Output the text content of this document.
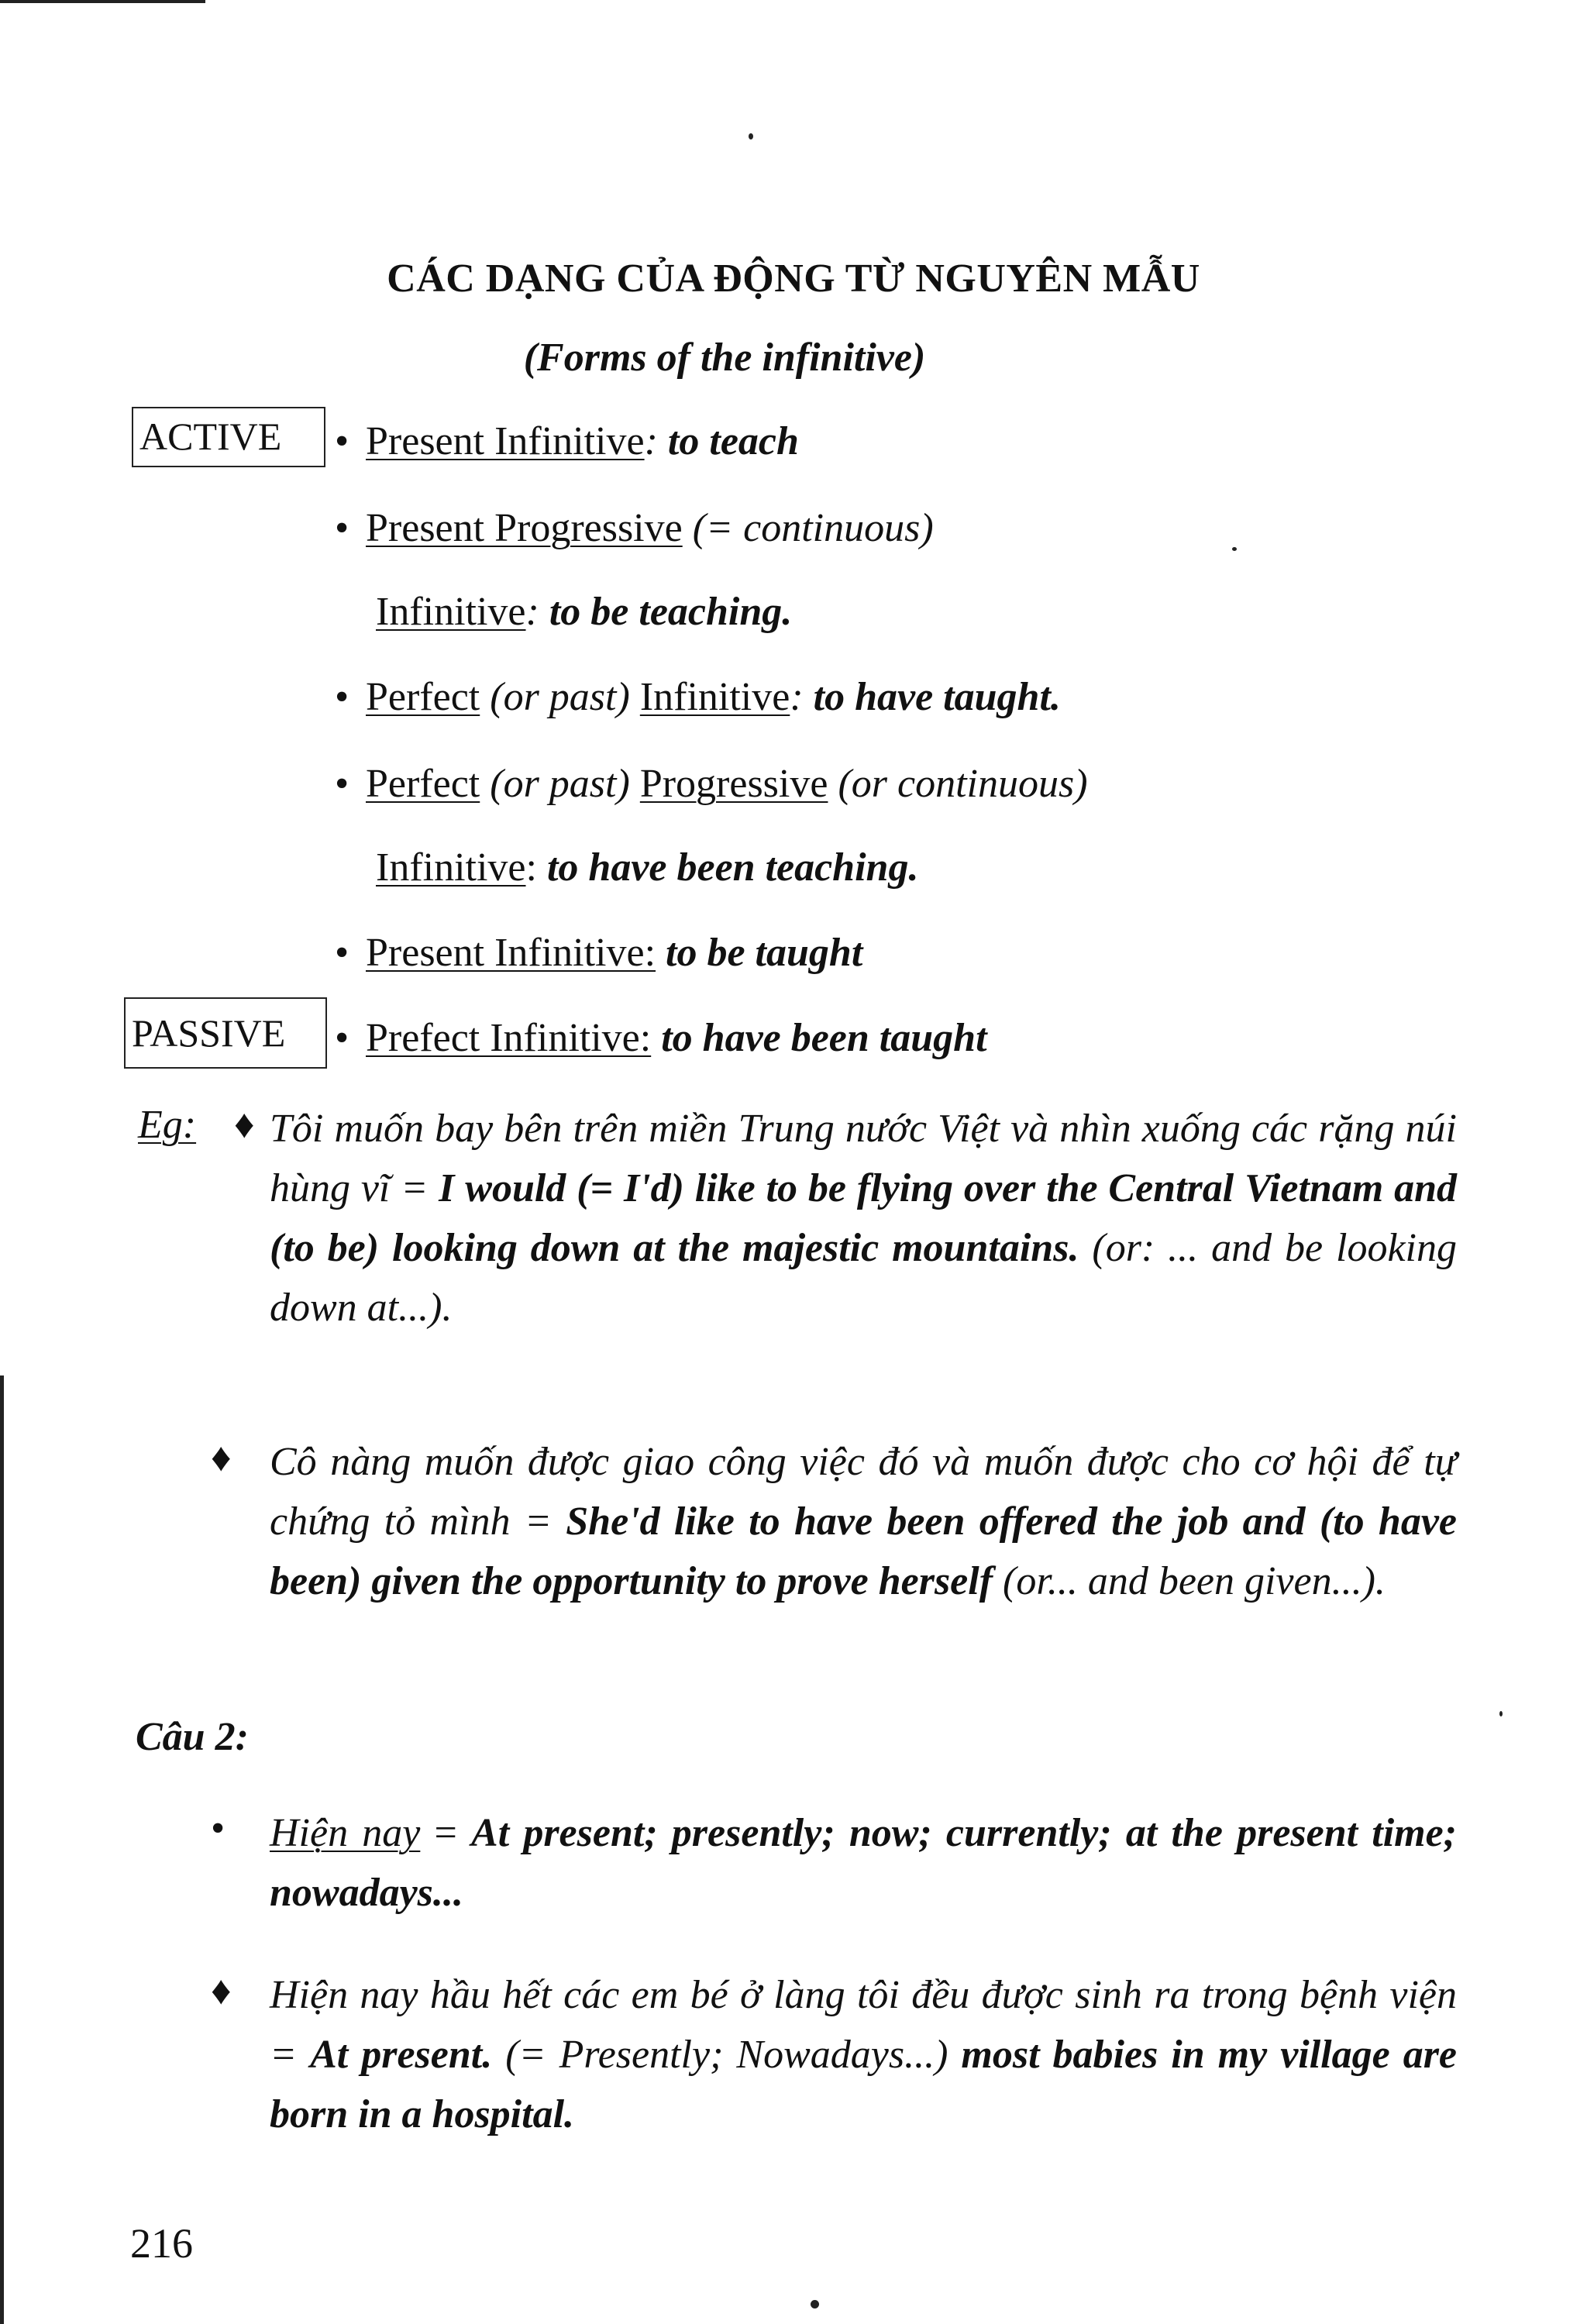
CÁC DẠNG CỦA ĐỘNG TỪ NGUYÊN MẪU
(Forms of the infinitive)
ACTIVE	• Present Infinitive: to teach
• Present Progressive (= continuous)
Infinitive: to be teaching.
• Perfect (or past) Infinitive: to have taught.
• Perfect (or past) Progressive (or continuous)
Infinitive: to have been teaching.
• Present Infinitive: to be taught
PASSIVE	• Prefect Infinitive: to have been taught
Eg: ♦ Tôi muốn bay bên trên miền Trung nước Việt và nhìn xuống các rặng núi hùng vĩ = I would (= I'd) like to be flying over the Central Vietnam and (to be) looking down at the majestic mountains. (or: ... and be looking down at...).
♦ Cô nàng muốn được giao công việc đó và muốn được cho cơ hội để tự chứng tỏ mình = She'd like to have been offered the job and (to have been) given the opportunity to prove herself (or... and been given...).
Câu 2:
• Hiện nay = At present; presently; now; currently; at the present time; nowadays...
♦ Hiện nay hầu hết các em bé ở làng tôi đều được sinh ra trong bệnh viện = At present. (= Presently; Nowadays...) most babies in my village are born in a hospital.
216
